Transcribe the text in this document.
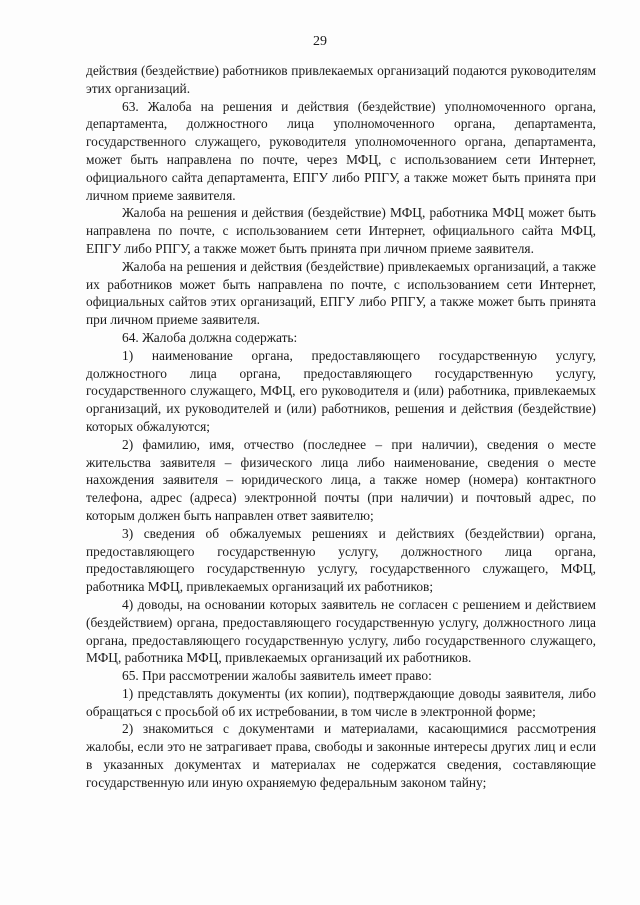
29

действия (бездействие) работников привлекаемых организаций подаются руководителям этих организаций.

63. Жалоба на решения и действия (бездействие) уполномоченного органа, департамента, должностного лица уполномоченного органа, департамента, государственного служащего, руководителя уполномоченного органа, департамента, может быть направлена по почте, через МФЦ, с использованием сети Интернет, официального сайта департамента, ЕПГУ либо РПГУ, а также может быть принята при личном приеме заявителя.

Жалоба на решения и действия (бездействие) МФЦ, работника МФЦ может быть направлена по почте, с использованием сети Интернет, официального сайта МФЦ, ЕПГУ либо РПГУ, а также может быть принята при личном приеме заявителя.

Жалоба на решения и действия (бездействие) привлекаемых организаций, а также их работников может быть направлена по почте, с использованием сети Интернет, официальных сайтов этих организаций, ЕПГУ либо РПГУ, а также может быть принята при личном приеме заявителя.

64. Жалоба должна содержать:

1) наименование органа, предоставляющего государственную услугу, должностного лица органа, предоставляющего государственную услугу, государственного служащего, МФЦ, его руководителя и (или) работника, привлекаемых организаций, их руководителей и (или) работников, решения и действия (бездействие) которых обжалуются;

2) фамилию, имя, отчество (последнее – при наличии), сведения о месте жительства заявителя – физического лица либо наименование, сведения о месте нахождения заявителя – юридического лица, а также номер (номера) контактного телефона, адрес (адреса) электронной почты (при наличии) и почтовый адрес, по которым должен быть направлен ответ заявителю;

3) сведения об обжалуемых решениях и действиях (бездействии) органа, предоставляющего государственную услугу, должностного лица органа, предоставляющего государственную услугу, государственного служащего, МФЦ, работника МФЦ, привлекаемых организаций их работников;

4) доводы, на основании которых заявитель не согласен с решением и действием (бездействием) органа, предоставляющего государственную услугу, должностного лица органа, предоставляющего государственную услугу, либо государственного служащего, МФЦ, работника МФЦ, привлекаемых организаций их работников.

65. При рассмотрении жалобы заявитель имеет право:

1) представлять документы (их копии), подтверждающие доводы заявителя, либо обращаться с просьбой об их истребовании, в том числе в электронной форме;

2) знакомиться с документами и материалами, касающимися рассмотрения жалобы, если это не затрагивает права, свободы и законные интересы других лиц и если в указанных документах и материалах не содержатся сведения, составляющие государственную или иную охраняемую федеральным законом тайну;
